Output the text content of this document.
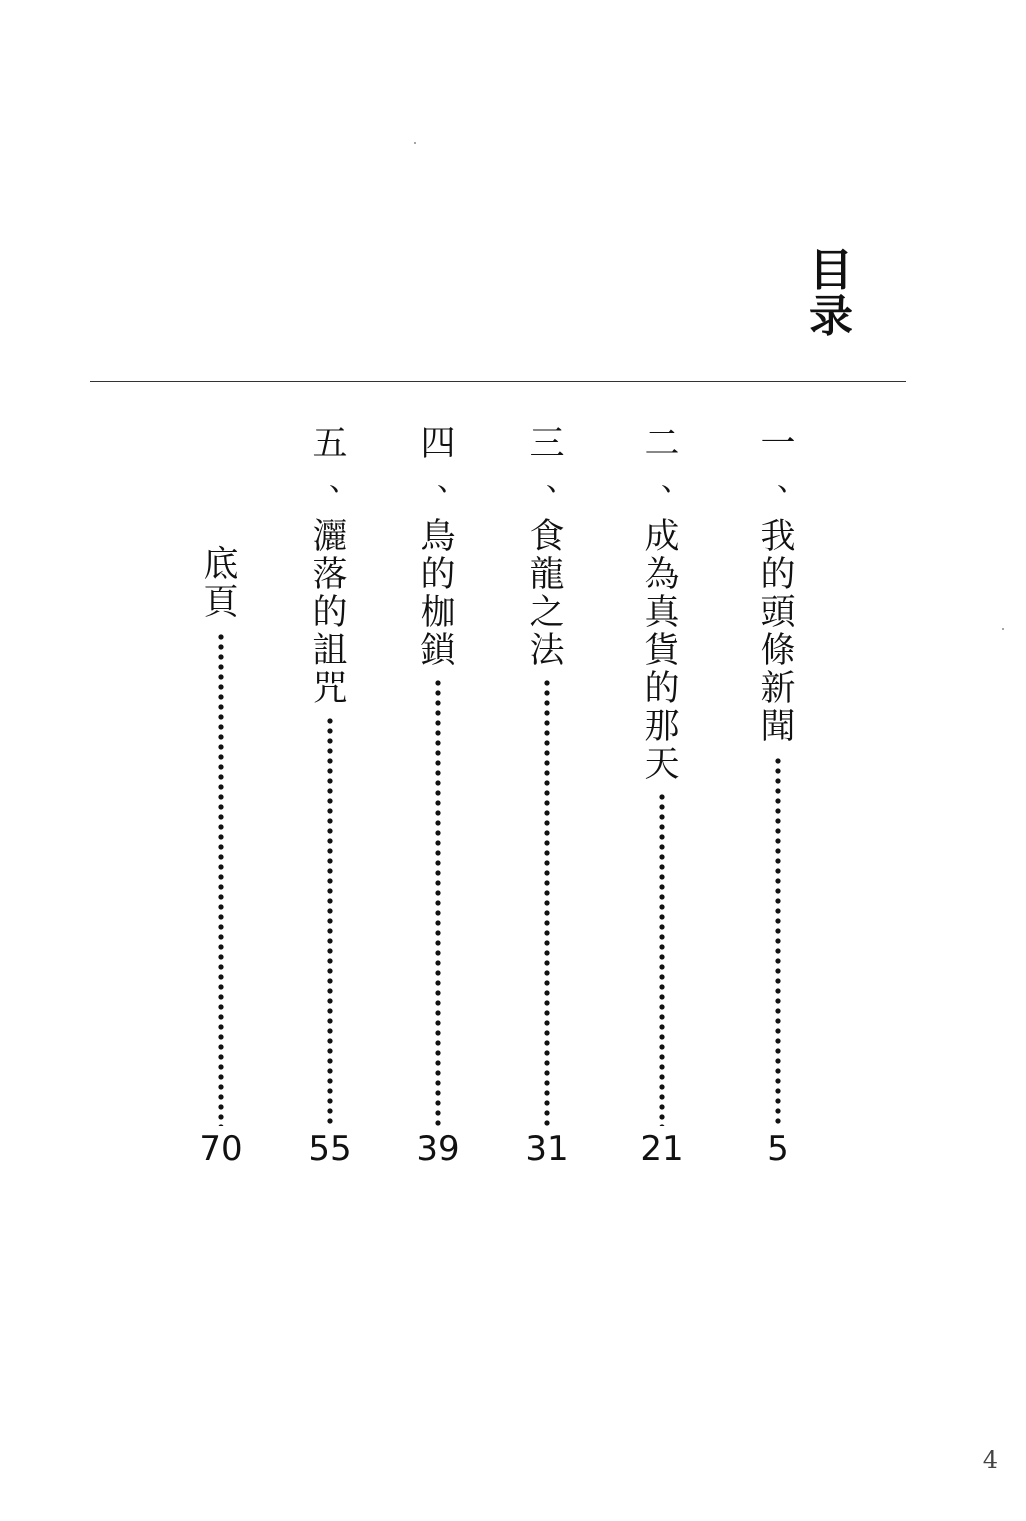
目录
一
、
我的頭條新聞
5
二
、
成為真貨的那天
21
三
、
食龍之法
31
四
、
鳥的枷鎖
39
五
、
灑落的詛咒
55
底頁
70
4
